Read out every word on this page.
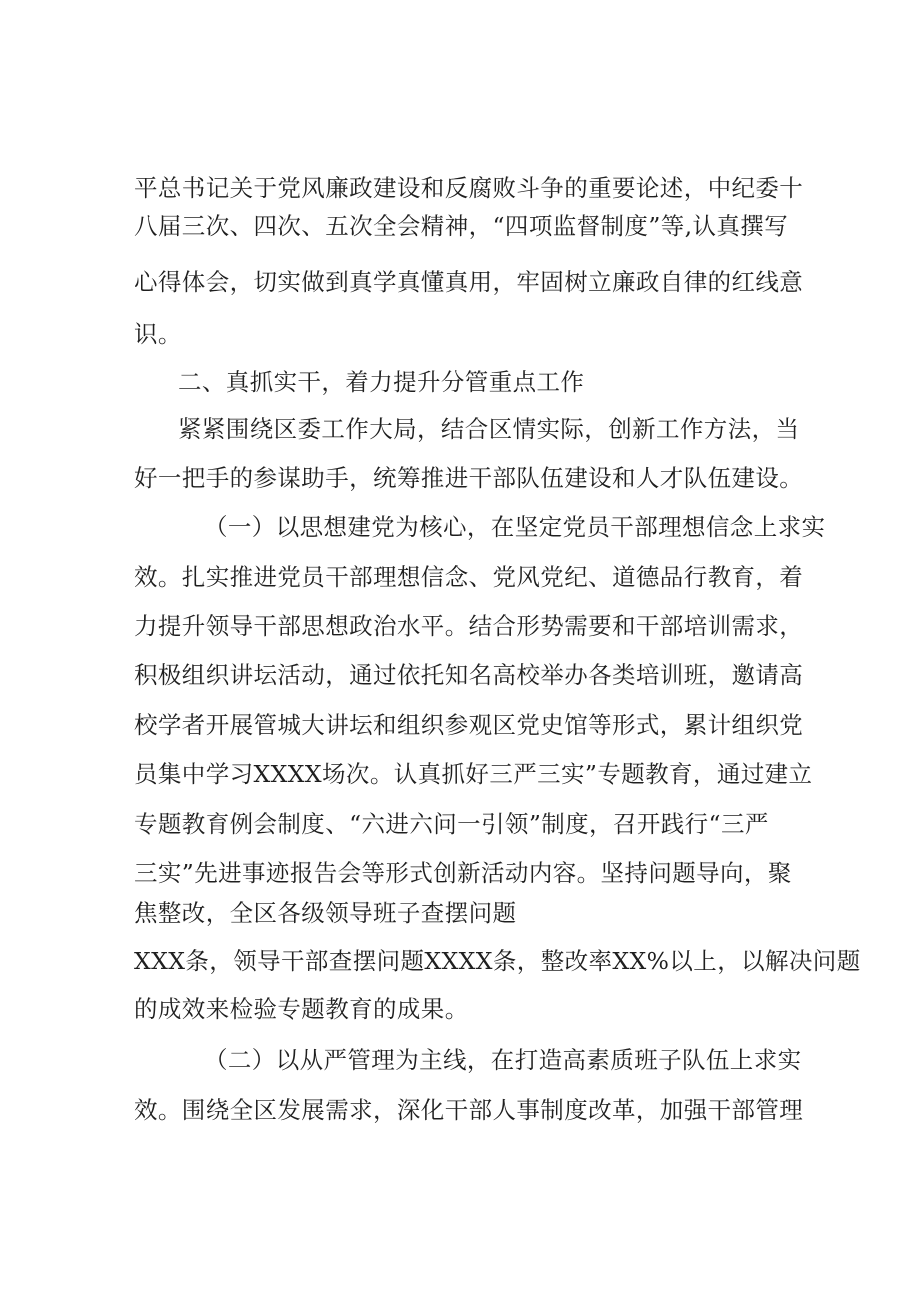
平总书记关于党风廉政建设和反腐败斗争的重要论述，中纪委十

八届三次、四次、五次全会精神，“四项监督制度”等,认真撰写

心得体会，切实做到真学真懂真用，牢固树立廉政自律的红线意

识。

二、真抓实干，着力提升分管重点工作

紧紧围绕区委工作大局，结合区情实际，创新工作方法，当

好一把手的参谋助手，统筹推进干部队伍建设和人才队伍建设。

（一）以思想建党为核心，在坚定党员干部理想信念上求实

效。扎实推进党员干部理想信念、党风党纪、道德品行教育，着

力提升领导干部思想政治水平。结合形势需要和干部培训需求，

积极组织讲坛活动，通过依托知名高校举办各类培训班，邀请高

校学者开展管城大讲坛和组织参观区党史馆等形式，累计组织党

员集中学习XXXX场次。认真抓好三严三实”专题教育，通过建立

专题教育例会制度、“六进六问一引领”制度，召开践行“三严

三实”先进事迹报告会等形式创新活动内容。坚持问题导向，聚

焦整改，全区各级领导班子查摆问题

XXX条，领导干部查摆问题XXXX条，整改率XX%以上，以解决问题

的成效来检验专题教育的成果。

（二）以从严管理为主线，在打造高素质班子队伍上求实

效。围绕全区发展需求，深化干部人事制度改革，加强干部管理
